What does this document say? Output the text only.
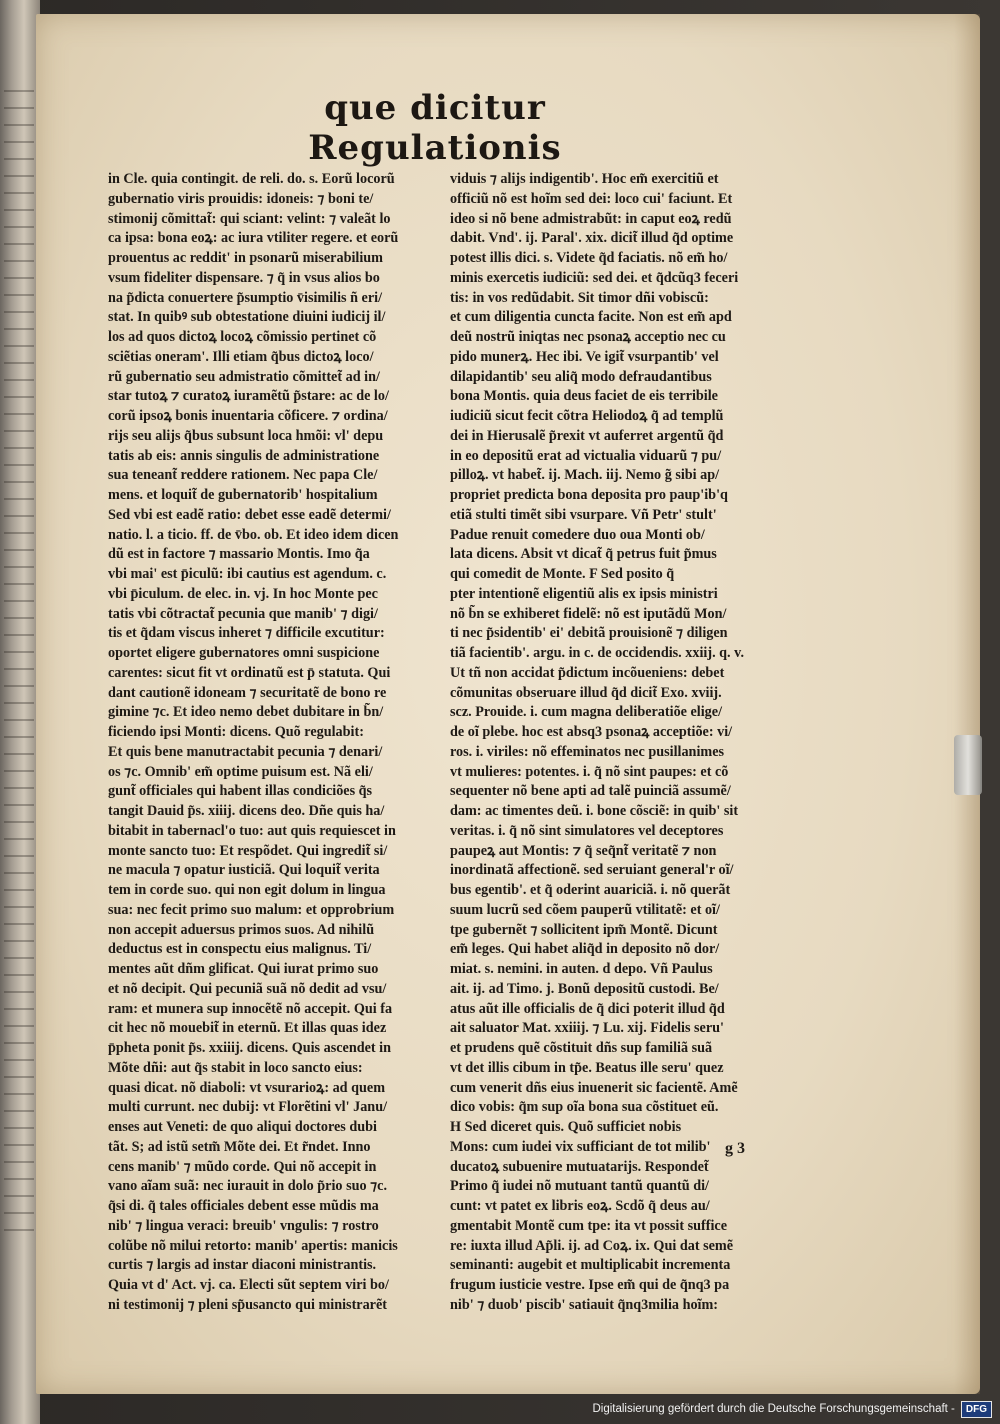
que dicitur Regulationis
in Cle. quia contingit. de reli. do. s. Eorũ locorũ
gubernatio viris prouidis: idoneis: ⁊ boni te/
stimonij cõmittat̃: qui sciant: velint: ⁊ valeãt lo
ca ipsa: bona eoꝝ: ac iura vtiliter regere. et eorũ
prouentus ac reddit' in psonarũ miserabilium
vsum fideliter dispensare. ⁊ q̃ in vsus alios bo
na p̃dicta conuertere p̃sumptio v̄isimilis ñ eri/
stat. In quibꝰ sub obtestatione diuini iudicij il/
los ad quos dictoꝝ locoꝝ cõmissio pertinet cõ
sciẽtias oneram'. Illi etiam q̃bus dictoꝝ loco/
rũ gubernatio seu admistratio cõmittet̃ ad in/
star tutoꝝ ⁊ curatoꝝ iuramẽtũ p̃stare: ac de lo/
corũ ipsoꝝ bonis inuentaria cõficere. ⁊ ordina/
rijs seu alijs q̃bus subsunt loca hmõi: vl' depu
tatis ab eis: annis singulis de administratione
sua teneant̃ reddere rationem. Nec papa Cle/
mens. et loquit̃ de gubernatorib' hospitalium
Sed vbi est eadẽ ratio: debet esse eadẽ determi/
natio. l. a ticio. ff. de v̄bo. ob. Et ideo idem dicen
dũ est in factore ⁊ massario Montis. Imo q̃a
vbi mai' est p̄iculũ: ibi cautius est agendum. c.
vbi p̄iculum. de elec. in. vj. In hoc Monte pec
tatis vbi cõtractat̃ pecunia que manib' ⁊ digi/
tis et q̃dam viscus inheret ⁊ difficile excutitur:
oportet eligere gubernatores omni suspicione
carentes: sicut fit vt ordinatũ est p̄ statuta. Qui
dant cautionẽ idoneam ⁊ securitatẽ de bono re
gimine ⁊c. Et ideo nemo debet dubitare in b̃n/
ficiendo ipsi Monti: dicens. Quõ regulabit:
Et quis bene manutractabit pecunia ⁊ denari/
os ⁊c. Omnib' em̃ optime puisum est. Nã eli/
gunt̃ officiales qui habent illas condiciões q̃s
tangit Dauid p̃s. xiiij. dicens deo. Dñe quis ha/
bitabit in tabernacl'o tuo: aut quis requiescet in
monte sancto tuo: Et respõdet. Qui ingredit̃ si/
ne macula ⁊ opatur iusticiã. Qui loquit̃ verita
tem in corde suo. qui non egit dolum in lingua
sua: nec fecit primo suo malum: et opprobrium
non accepit aduersus primos suos. Ad nihilũ
deductus est in conspectu eius malignus. Ti/
mentes aũt dñm glificat. Qui iurat primo suo
et nõ decipit. Qui pecuniã suã nõ dedit ad vsu/
ram: et munera sup innocẽtẽ nõ accepit. Qui fa
cit hec nõ mouebit̃ in eternũ. Et illas quas idez
p̄pheta ponit p̃s. xxiiij. dicens. Quis ascendet in
Mõte dñi: aut q̃s stabit in loco sancto eius:
quasi dicat. nõ diaboli: vt vsurarioꝝ: ad quem
multi currunt. nec dubij: vt Florẽtini vl' Janu/
enses aut Veneti: de quo aliqui doctores dubi
tãt. S; ad istũ setm̃ Mõte dei. Et r̃ndet. Inno
cens manib' ⁊ mũdo corde. Qui nõ accepit in
vano aĩam suã: nec iurauit in dolo p̃rio suo ⁊c.
q̃si di. q̃ tales officiales debent esse mũdis ma
nib' ⁊ lingua veraci: breuib' vngulis: ⁊ rostro
colũbe nõ milui retorto: manib' apertis: manicis
curtis ⁊ largis ad instar diaconi ministrantis.
Quia vt d' Act. vj. ca. Electi sũt septem viri bo/
ni testimonij ⁊ pleni sp̃usancto qui ministrarẽt
viduis ⁊ alijs indigentib'. Hoc em̃ exercitiũ et
officiũ nõ est hoĩm sed dei: loco cui' faciunt. Et
ideo si nõ bene admistrabũt: in caput eoꝝ redũ
dabit. Vnd'. ij. Paral'. xix. dicit̃ illud q̃d optime
potest illis dici. s. Videte q̃d faciatis. nõ em̃ ho/
minis exercetis iudiciũ: sed dei. et q̃dcũq3 feceri
tis: in vos redũdabit. Sit timor dñi vobiscũ:
et cum diligentia cuncta facite. Non est em̃ apd
deũ nostrũ iniqtas nec psonaꝝ acceptio nec cu
pido munerꝝ. Hec ibi. Ve igit̃ vsurpantib' vel
dilapidantib' seu aliq̃ modo defraudantibus
bona Montis. quia deus faciet de eis terribile
iudiciũ sicut fecit cõtra Heliodoꝝ q̃ ad templũ
dei in Hierusalẽ p̃rexit vt auferret argentũ q̃d
in eo depositũ erat ad victualia viduarũ ⁊ pu/
pilloꝝ. vt habet̃. ij. Mach. iij. Nemo g̃ sibi ap/
propriet predicta bona deposita pro paup'ib'q
etiã stulti timẽt sibi vsurpare. Vñ Petr' stult'
Padue renuit comedere duo oua Monti ob/
lata dicens. Absit vt dicat̃ q̃ petrus fuit p̃mus
qui comedit de Monte. F Sed posito q̃
pter intentionẽ eligentiũ alis ex ipsis ministri
nõ b̃n se exhiberet fidelẽ: nõ est iputãdũ Mon/
ti nec p̃sidentib' ei' debitã prouisionẽ ⁊ diligen
tiã facientib'. argu. in c. de occidendis. xxiij. q. v.
Ut tñ non accidat p̃dictum incõueniens: debet
cõmunitas obseruare illud q̃d dicit̃ Exo. xviij.
scz. Prouide. i. cum magna deliberatiõe elige/
de oĩ plebe. hoc est absq3 psonaꝝ acceptiõe: vi/
ros. i. viriles: nõ effeminatos nec pusillanimes
vt mulieres: potentes. i. q̃ nõ sint paupes: et cõ
sequenter nõ bene apti ad talẽ puinciã assumẽ/
dam: ac timentes deũ. i. bone cõsciẽ: in quib' sit
veritas. i. q̃ nõ sint simulatores vel deceptores
paupeꝝ aut Montis: ⁊ q̃ seq̃nt̃ veritatẽ ⁊ non
inordinatã affectionẽ. sed seruiant general'r oĩ/
bus egentib'. et q̃ oderint auariciã. i. nõ querãt
suum lucrũ sed cõem pauperũ vtilitatẽ: et oĩ/
tpe gubernẽt ⁊ sollicitent ipm̃ Montẽ. Dicunt
em̃ leges. Qui habet aliq̃d in deposito nõ dor/
miat. s. nemini. in auten. d depo. Vñ Paulus
ait. ij. ad Timo. j. Bonũ depositũ custodi. Be/
atus aũt ille officialis de q̃ dici poterit illud q̃d
ait saluator Mat. xxiiij. ⁊ Lu. xij. Fidelis seru'
et prudens quẽ cõstituit dñs sup familiã suã
vt det illis cibum in tp̃e. Beatus ille seru' quez
cum venerit dñs eius inuenerit sic facientẽ. Amẽ
dico vobis: q̃m sup oĩa bona sua cõstituet eũ.
H Sed diceret quis. Quõ sufficiet nobis
Mons: cum iudei vix sufficiant de tot milib'
ducatoꝝ subuenire mutuatarijs. Respondet̃
Primo q̃ iudei nõ mutuant tantũ quantũ di/
cunt: vt patet ex libris eoꝝ. Scdõ q̃ deus au/
gmentabit Montẽ cum tpe: ita vt possit suffice
re: iuxta illud Ap̃li. ij. ad Coꝝ. ix. Qui dat semẽ
seminanti: augebit et multiplicabit incrementa
frugum iusticie vestre. Ipse em̃ qui de q̃nq3 pa
nib' ⁊ duob' piscib' satiauit q̃nq3milia hoĩm:
g 3
Digitalisierung gefördert durch die Deutsche Forschungsgemeinschaft -	DFG
